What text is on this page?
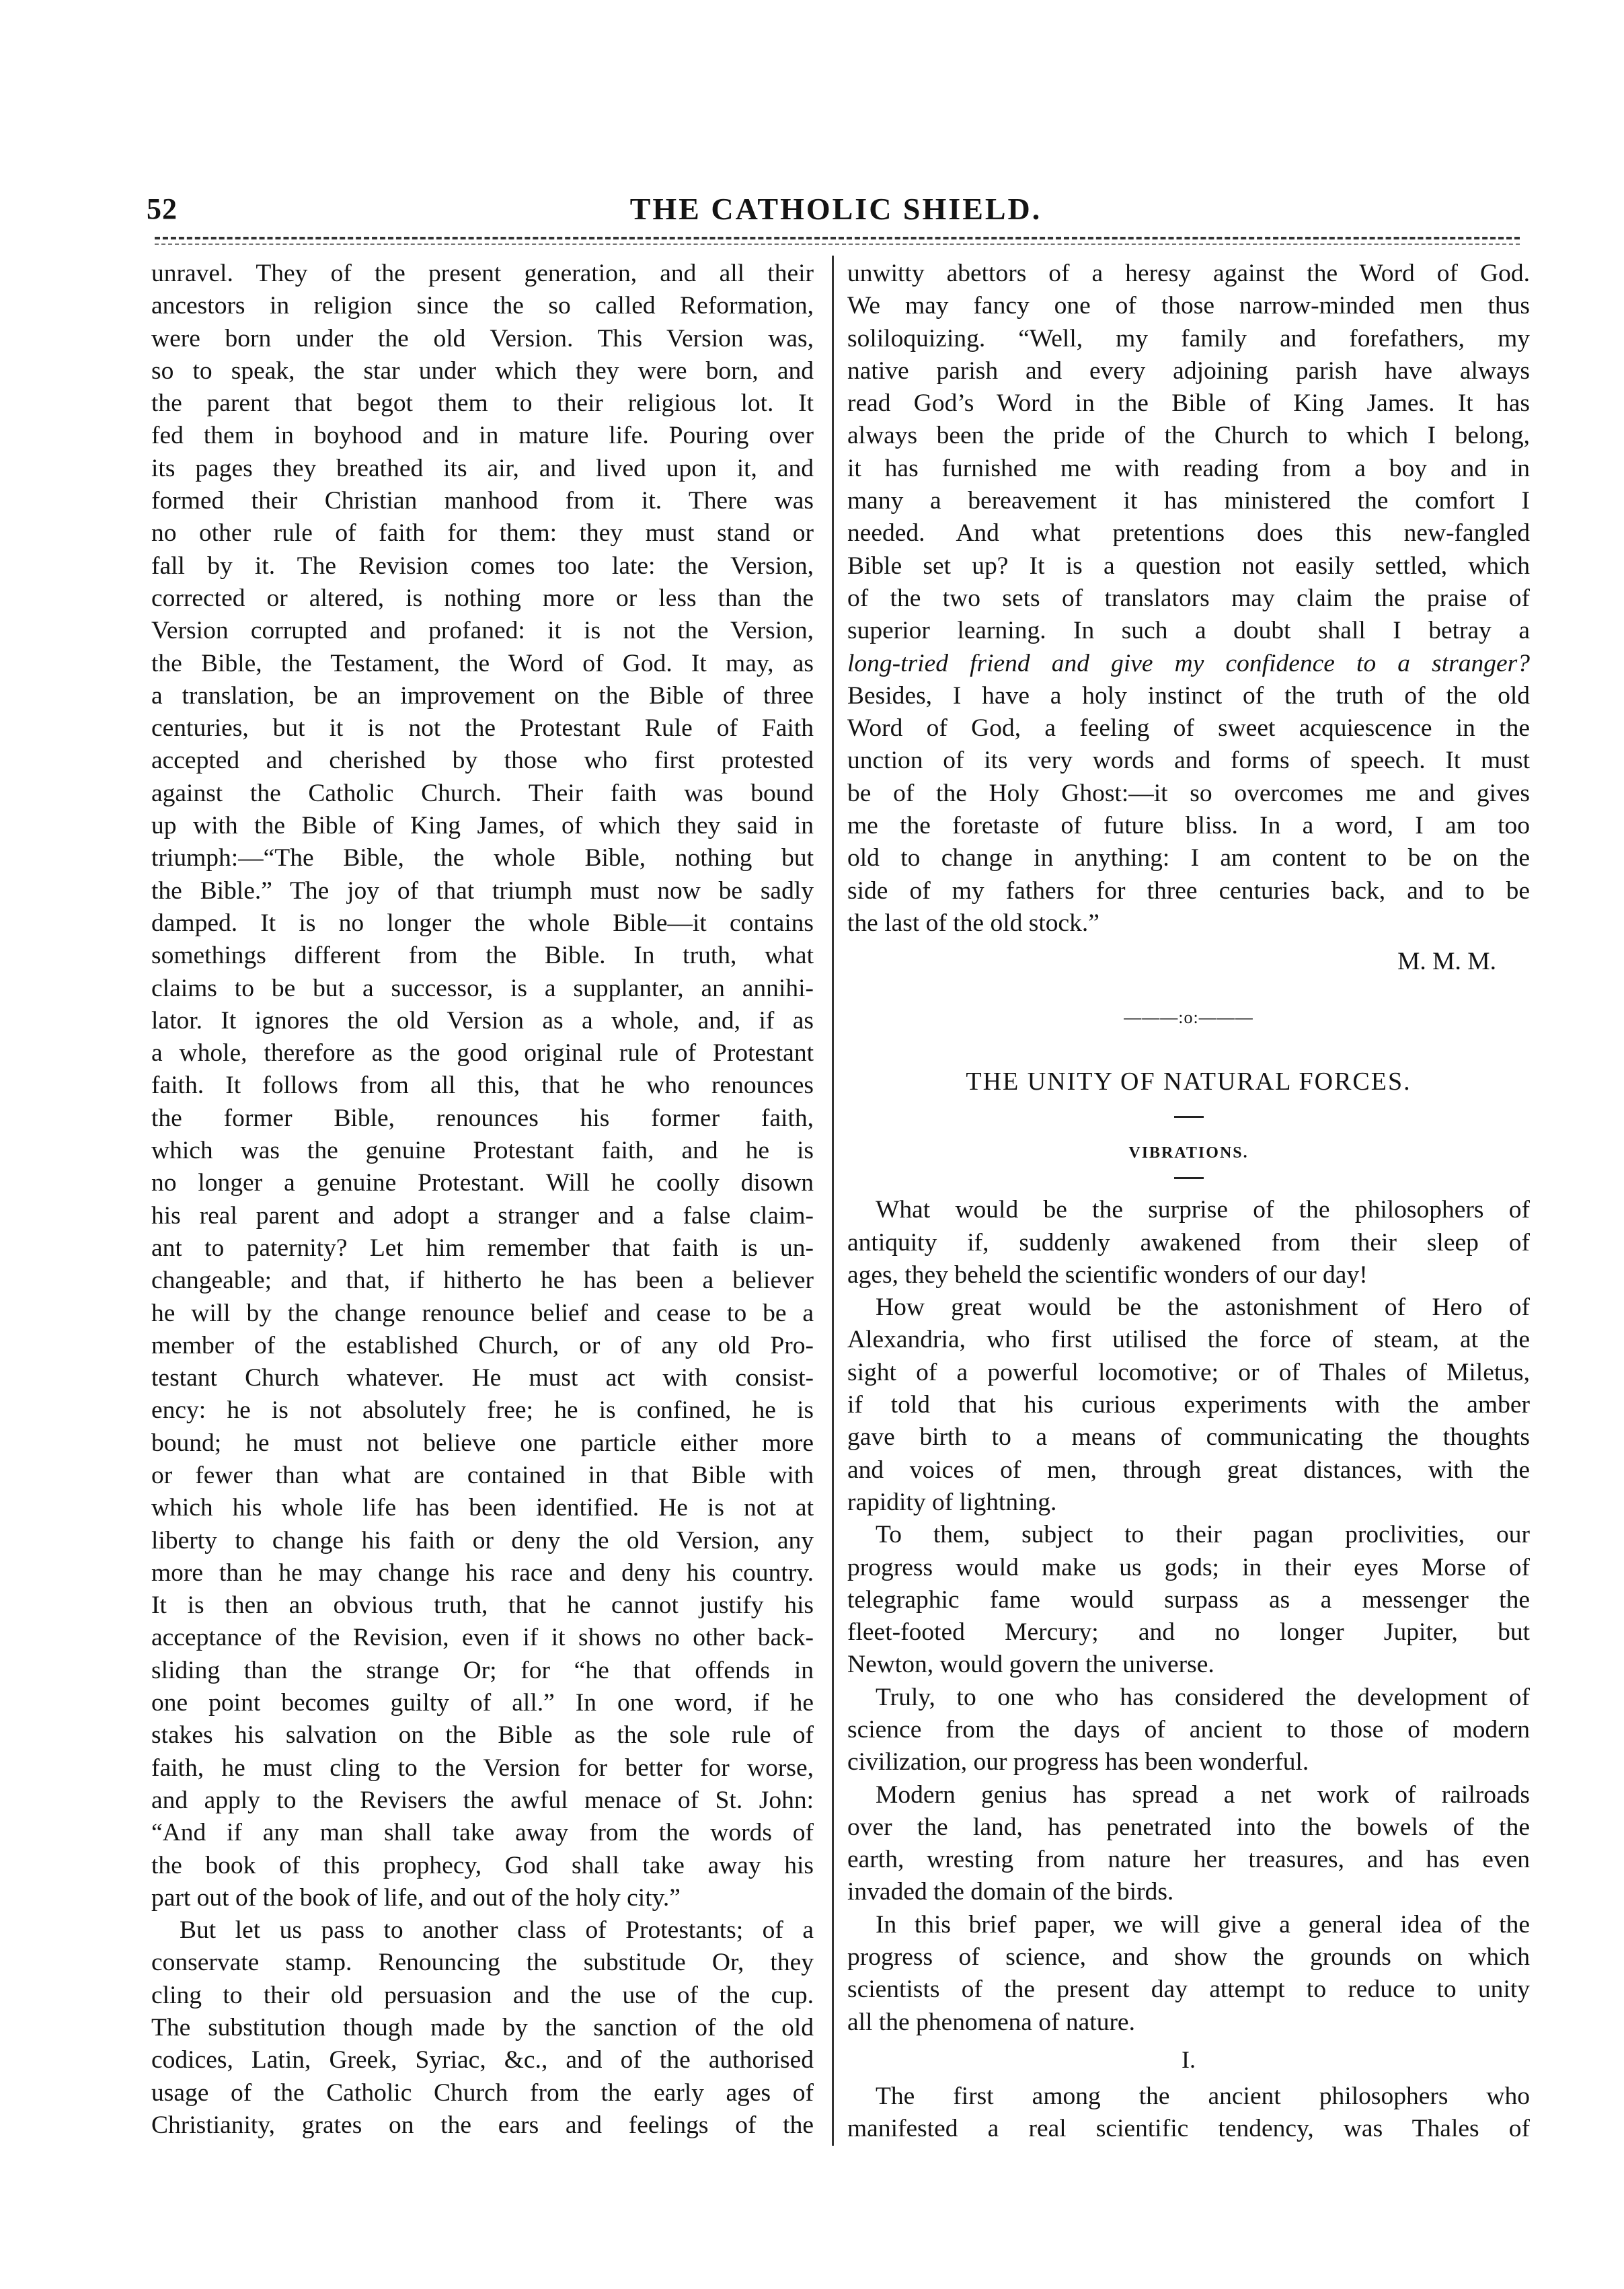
52	THE CATHOLIC SHIELD.
unravel. They of the present generation, and all their
ancestors in religion since the so called Reformation,
were born under the old Version. This Version was,
so to speak, the star under which they were born, and
the parent that begot them to their religious lot. It
fed them in boyhood and in mature life. Pouring over
its pages they breathed its air, and lived upon it, and
formed their Christian manhood from it. There was
no other rule of faith for them: they must stand or
fall by it. The Revision comes too late: the Version,
corrected or altered, is nothing more or less than the
Version corrupted and profaned: it is not the Version,
the Bible, the Testament, the Word of God. It may, as
a translation, be an improvement on the Bible of three
centuries, but it is not the Protestant Rule of Faith
accepted and cherished by those who first protested
against the Catholic Church. Their faith was bound
up with the Bible of King James, of which they said in
triumph:—“The Bible, the whole Bible, nothing but
the Bible.” The joy of that triumph must now be sadly
damped. It is no longer the whole Bible—it contains
somethings different from the Bible. In truth, what
claims to be but a successor, is a supplanter, an annihi-
lator. It ignores the old Version as a whole, and, if as
a whole, therefore as the good original rule of Protestant
faith. It follows from all this, that he who renounces
the former Bible, renounces his former faith,
which was the genuine Protestant faith, and he is
no longer a genuine Protestant. Will he coolly disown
his real parent and adopt a stranger and a false claim-
ant to paternity? Let him remember that faith is un-
changeable; and that, if hitherto he has been a believer
he will by the change renounce belief and cease to be a
member of the established Church, or of any old Pro-
testant Church whatever. He must act with consist-
ency: he is not absolutely free; he is confined, he is
bound; he must not believe one particle either more
or fewer than what are contained in that Bible with
which his whole life has been identified. He is not at
liberty to change his faith or deny the old Version, any
more than he may change his race and deny his country.
It is then an obvious truth, that he cannot justify his
acceptance of the Revision, even if it shows no other back-
sliding than the strange Or; for “he that offends in
one point becomes guilty of all.” In one word, if he
stakes his salvation on the Bible as the sole rule of
faith, he must cling to the Version for better for worse,
and apply to the Revisers the awful menace of St. John:
“And if any man shall take away from the words of
the book of this prophecy, God shall take away his
part out of the book of life, and out of the holy city.”
But let us pass to another class of Protestants; of a
conservate stamp. Renouncing the substitude Or, they
cling to their old persuasion and the use of the cup.
The substitution though made by the sanction of the old
codices, Latin, Greek, Syriac, &c., and of the authorised
usage of the Catholic Church from the early ages of
Christianity, grates on the ears and feelings of the
unwitty abettors of a heresy against the Word of God.
We may fancy one of those narrow-minded men thus
soliloquizing. “Well, my family and forefathers, my
native parish and every adjoining parish have always
read God’s Word in the Bible of King James. It has
always been the pride of the Church to which I belong,
it has furnished me with reading from a boy and in
many a bereavement it has ministered the comfort I
needed. And what pretentions does this new-fangled
Bible set up? It is a question not easily settled, which
of the two sets of translators may claim the praise of
superior learning. In such a doubt shall I betray a
long-tried friend and give my confidence to a stranger?
Besides, I have a holy instinct of the truth of the old
Word of God, a feeling of sweet acquiescence in the
unction of its very words and forms of speech. It must
be of the Holy Ghost:—it so overcomes me and gives
me the foretaste of future bliss. In a word, I am too
old to change in anything: I am content to be on the
side of my fathers for three centuries back, and to be
the last of the old stock.”
M. M. M.
———:o:———
THE UNITY OF NATURAL FORCES.
VIBRATIONS.
What would be the surprise of the philosophers of
antiquity if, suddenly awakened from their sleep of
ages, they beheld the scientific wonders of our day!
How great would be the astonishment of Hero of
Alexandria, who first utilised the force of steam, at the
sight of a powerful locomotive; or of Thales of Miletus,
if told that his curious experiments with the amber
gave birth to a means of communicating the thoughts
and voices of men, through great distances, with the
rapidity of lightning.
To them, subject to their pagan proclivities, our
progress would make us gods; in their eyes Morse of
telegraphic fame would surpass as a messenger the
fleet-footed Mercury; and no longer Jupiter, but
Newton, would govern the universe.
Truly, to one who has considered the development of
science from the days of ancient to those of modern
civilization, our progress has been wonderful.
Modern genius has spread a net work of railroads
over the land, has penetrated into the bowels of the
earth, wresting from nature her treasures, and has even
invaded the domain of the birds.
In this brief paper, we will give a general idea of the
progress of science, and show the grounds on which
scientists of the present day attempt to reduce to unity
all the phenomena of nature.
I.
The first among the ancient philosophers who
manifested a real scientific tendency, was Thales of
